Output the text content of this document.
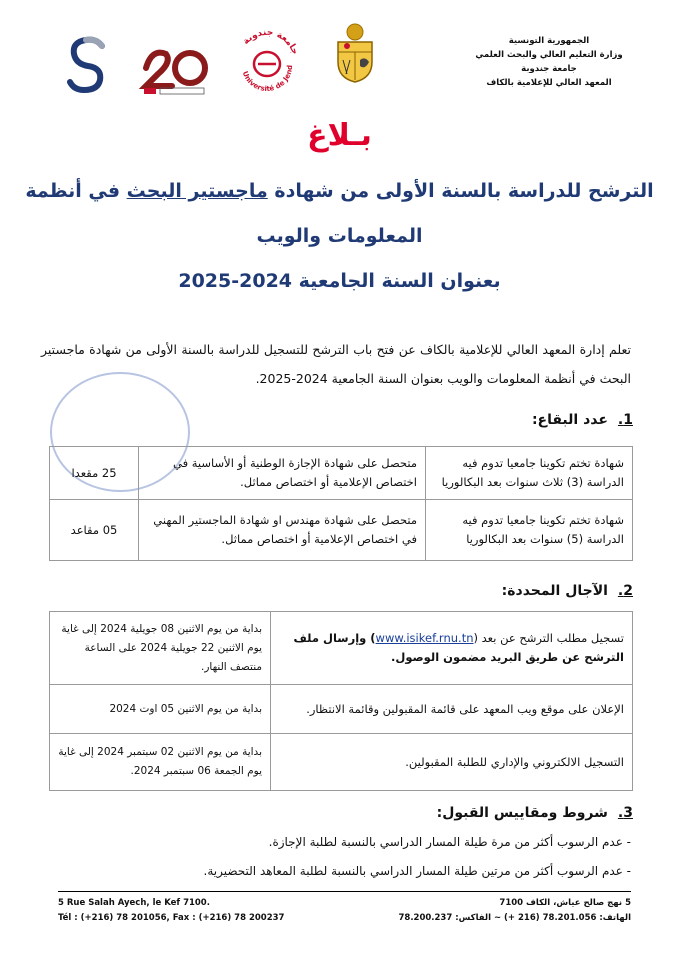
الجمهورية التونسية
وزارة التعليم العالي والبحث العلمي
جامعة جندوبة
المعهد العالي للإعلامية بالكاف
جامعة جندوبة
Université de Jend
بـلاغ
الترشح للدراسة بالسنة الأولى من شهادة ماجستير البحث في أنظمة
المعلومات والويب
بعنوان السنة الجامعية 2024-2025
تعلم إدارة المعهد العالي للإعلامية بالكاف عن فتح باب الترشح للتسجيل للدراسة بالسنة الأولى من شهادة ماجستير البحث في أنظمة المعلومات والويب بعنوان السنة الجامعية 2024-2025.
1.عدد البقاع:
شهادة تختم تكوينا جامعيا تدوم فيه الدراسة (3) ثلاث سنوات بعد البكالوريا	متحصل على شهادة الإجازة الوطنية أو الأساسية في اختصاص الإعلامية أو اختصاص مماثل.	25 مقعدا
شهادة تختم تكوينا جامعيا تدوم فيه الدراسة (5) سنوات بعد البكالوريا	متحصل على شهادة مهندس او شهادة الماجستير المهني في اختصاص الإعلامية أو اختصاص مماثل.	05 مقاعد
2.الآجال المحددة:
تسجيل مطلب الترشح عن بعد (www.isikef.rnu.tn) وإرسال ملف الترشح عن طريق البريد مضمون الوصول.	بداية من يوم الاثنين 08 جويلية 2024 إلى غاية يوم الاثنين 22 جويلية 2024 على الساعة منتصف النهار.
الإعلان على موقع ويب المعهد على قائمة المقبولين وقائمة الانتظار.	بداية من يوم الاثنين 05 اوت 2024
التسجيل الالكتروني والإداري للطلبة المقبولين.	بداية من يوم الاثنين 02 سبتمبر 2024 إلى غاية يوم الجمعة 06 سبتمبر 2024.
3.شروط ومقاييس القبول:
- عدم الرسوب أكثر من مرة طيلة المسار الدراسي بالنسبة لطلبة الإجازة.
- عدم الرسوب أكثر من مرتين طيلة المسار الدراسي بالنسبة لطلبة المعاهد التحضيرية.
5 Rue Salah Ayech, le Kef 7100.
Tél : (+216) 78 201056, Fax : (+216) 78 200237
5 نهج صالح عياش، الكاف 7100
الهاتف: 78.201.056 (216 +) ~ الفاكس: 78.200.237
